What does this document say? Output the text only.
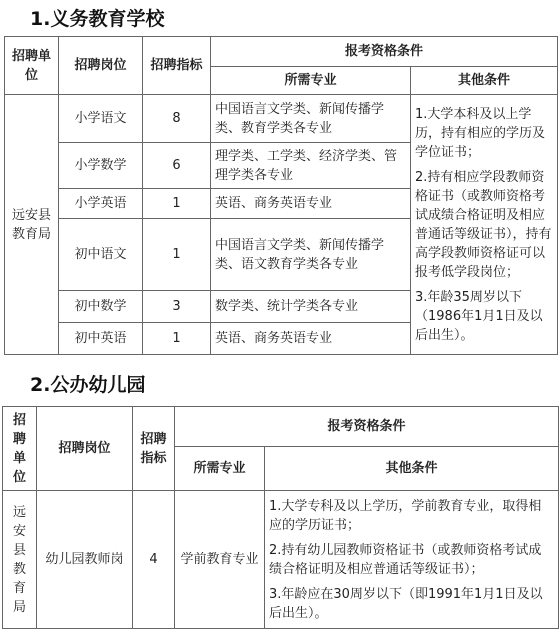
1.义务教育学校
招聘单位	招聘岗位	招聘指标	报考资格条件	
			所需专业	其他条件
远安县教育局	小学语文	8	中国语言文学类、新闻传播学类、教育学类各专业	1.大学本科及以上学历，持有相应的学历及学位证书；

2.持有相应学段教师资格证书（或教师资格考试成绩合格证明及相应普通话等级证书），持有高学段教师资格证可以报考低学段岗位；

3.年龄35周岁以下（1986年1月1日及以后出生）。

	小学数学	6	理学类、工学类、经济学类、管理学类各专业	
	小学英语	1	英语、商务英语专业	
	初中语文	1	中国语言文学类、新闻传播学类、语文教育学类各专业	
	初中数学	3	数学类、统计学类各专业	
	初中英语	1	英语、商务英语专业	
2.公办幼儿园
招聘单位	招聘岗位	招聘指标	报考资格条件	
			所需专业	其他条件
远安县教育局	幼儿园教师岗	4	学前教育专业	1.大学专科及以上学历，学前教育专业，取得相应的学历证书；

2.持有幼儿园教师资格证书（或教师资格考试成绩合格证明及相应普通话等级证书）；

3.年龄应在30周岁以下（即1991年1月1日及以后出生）。
